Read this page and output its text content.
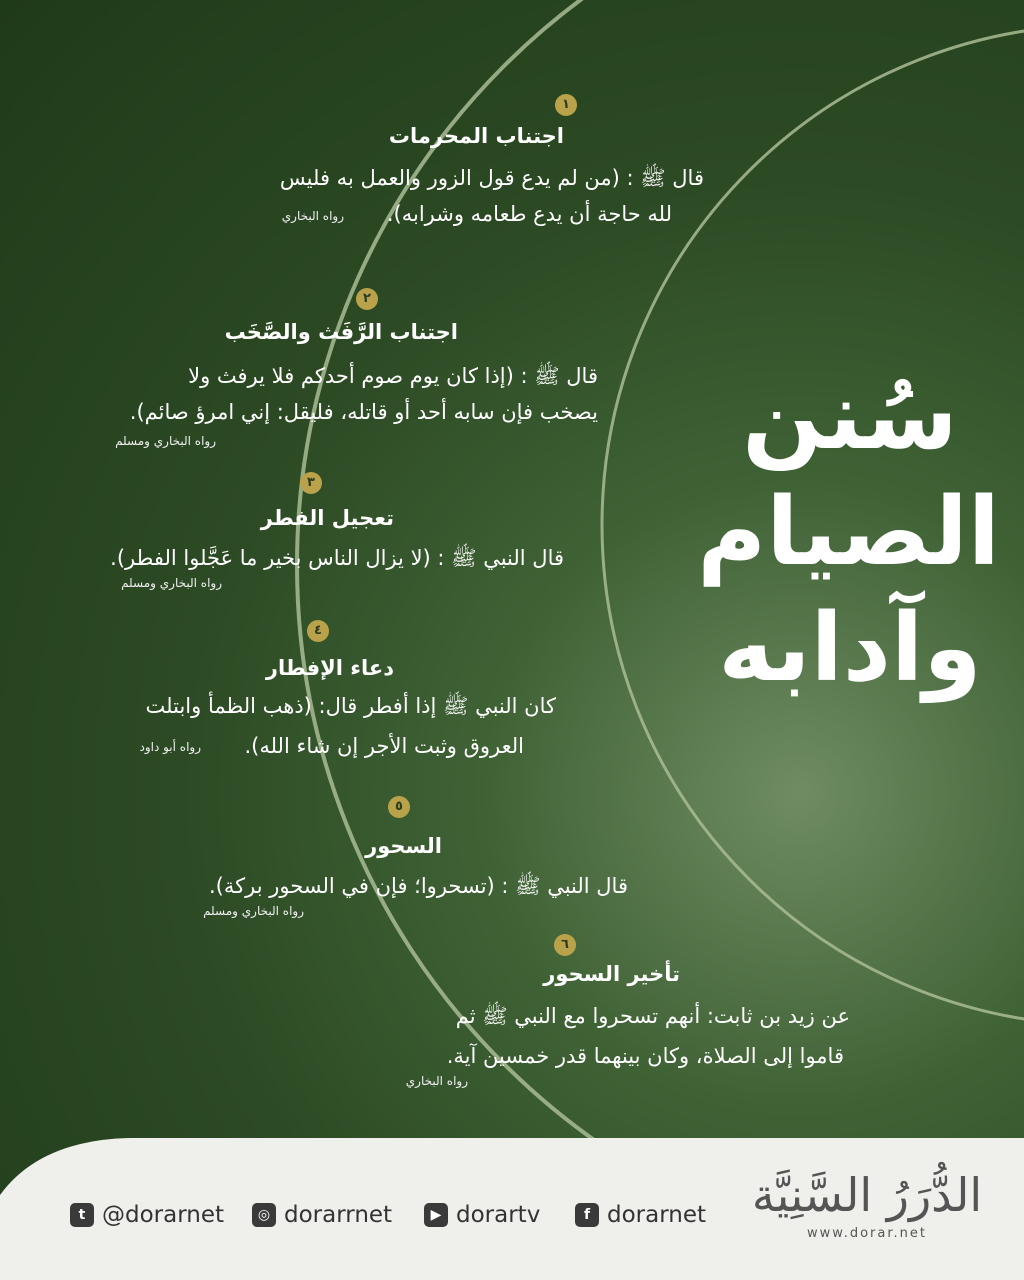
سُنن
الصيام
وآدابه
١
اجتناب المحرمات
قال ﷺ : (من لم يدع قول الزور والعمل به فليس
لله حاجة أن يدع طعامه وشرابه).
رواه البخاري
٢
اجتناب الرَّفَث والصَّخَب
قال ﷺ : (إذا كان يوم صوم أحدكم فلا يرفث ولا
يصخب فإن سابه أحد أو قاتله، فليقل: إني امرؤ صائم).
رواه البخاري ومسلم
٣
تعجيل الفطر
قال النبي ﷺ : (لا يزال الناس بخير ما عَجَّلوا الفطر).
رواه البخاري ومسلم
٤
دعاء الإفطار
كان النبي ﷺ إذا أفطر قال: (ذهب الظمأ وابتلت
العروق وثبت الأجر إن شاء الله).
رواه أبو داود
٥
السحور
قال النبي ﷺ : (تسحروا؛ فإن في السحور بركة).
رواه البخاري ومسلم
٦
تأخير السحور
عن زيد بن ثابت: أنهم تسحروا مع النبي ﷺ ثم
قاموا إلى الصلاة، وكان بينهما قدر خمسين آية.
رواه البخاري
t @dorarnet	◎ dorarrnet	▶ dorartv	f dorarnet الدُّرَرُ السَّنِيَّة
www.dorar.net
